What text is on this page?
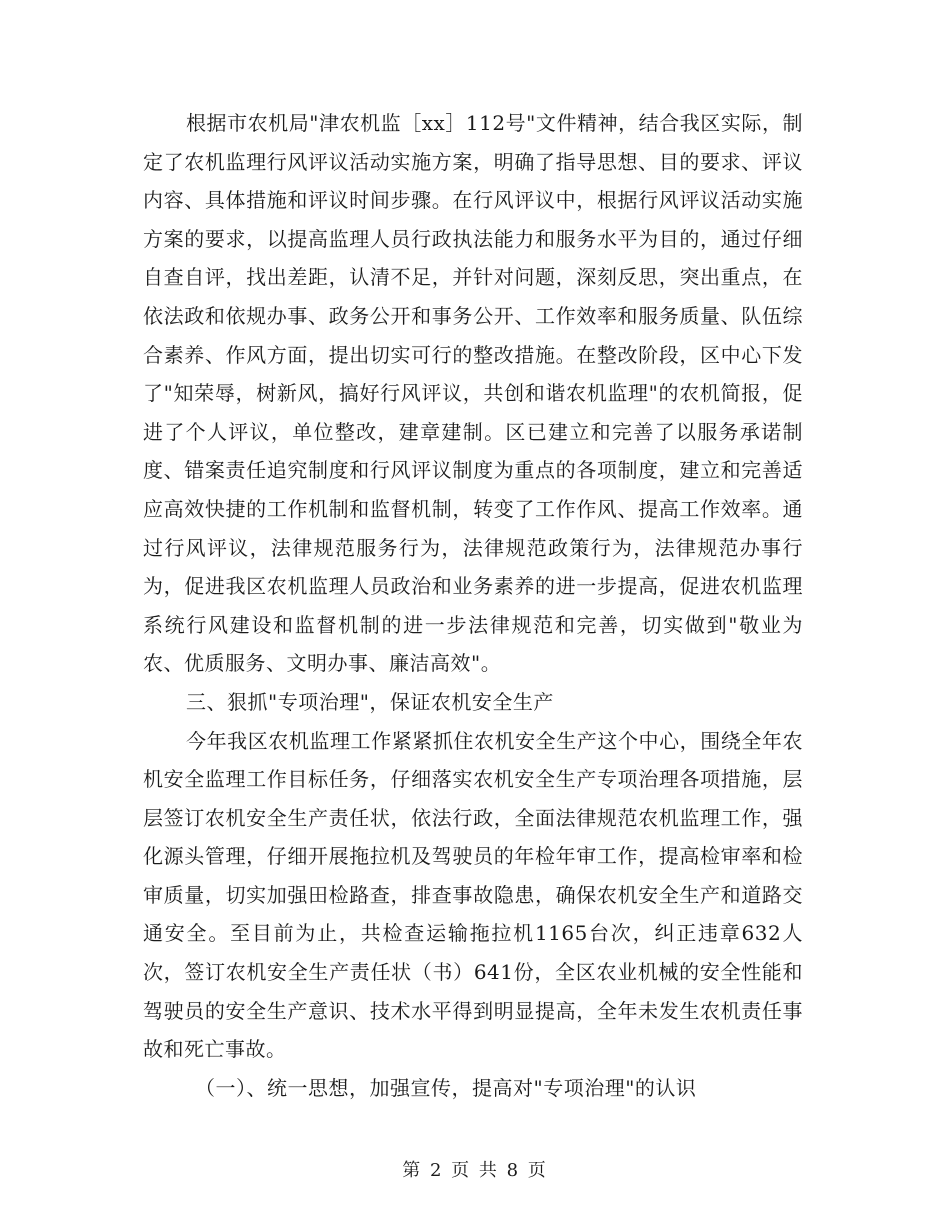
根据市农机局"津农机监［xx］112号"文件精神，结合我区实际，制定了农机监理行风评议活动实施方案，明确了指导思想、目的要求、评议内容、具体措施和评议时间步骤。在行风评议中，根据行风评议活动实施方案的要求，以提高监理人员行政执法能力和服务水平为目的，通过仔细自查自评，找出差距，认清不足，并针对问题，深刻反思，突出重点，在依法政和依规办事、政务公开和事务公开、工作效率和服务质量、队伍综合素养、作风方面，提出切实可行的整改措施。在整改阶段，区中心下发了"知荣辱，树新风，搞好行风评议，共创和谐农机监理"的农机简报，促进了个人评议，单位整改，建章建制。区已建立和完善了以服务承诺制度、错案责任追究制度和行风评议制度为重点的各项制度，建立和完善适应高效快捷的工作机制和监督机制，转变了工作作风、提高工作效率。通过行风评议，法律规范服务行为，法律规范政策行为，法律规范办事行为，促进我区农机监理人员政治和业务素养的进一步提高，促进农机监理系统行风建设和监督机制的进一步法律规范和完善，切实做到"敬业为农、优质服务、文明办事、廉洁高效"。

三、狠抓"专项治理"，保证农机安全生产

今年我区农机监理工作紧紧抓住农机安全生产这个中心，围绕全年农机安全监理工作目标任务，仔细落实农机安全生产专项治理各项措施，层层签订农机安全生产责任状，依法行政，全面法律规范农机监理工作，强化源头管理，仔细开展拖拉机及驾驶员的年检年审工作，提高检审率和检审质量，切实加强田检路查，排查事故隐患，确保农机安全生产和道路交通安全。至目前为止，共检查运输拖拉机1165台次，纠正违章632人次，签订农机安全生产责任状（书）641份，全区农业机械的安全性能和驾驶员的安全生产意识、技术水平得到明显提高，全年未发生农机责任事故和死亡事故。

（一）、统一思想，加强宣传，提高对"专项治理"的认识

第 2 页 共 8 页
